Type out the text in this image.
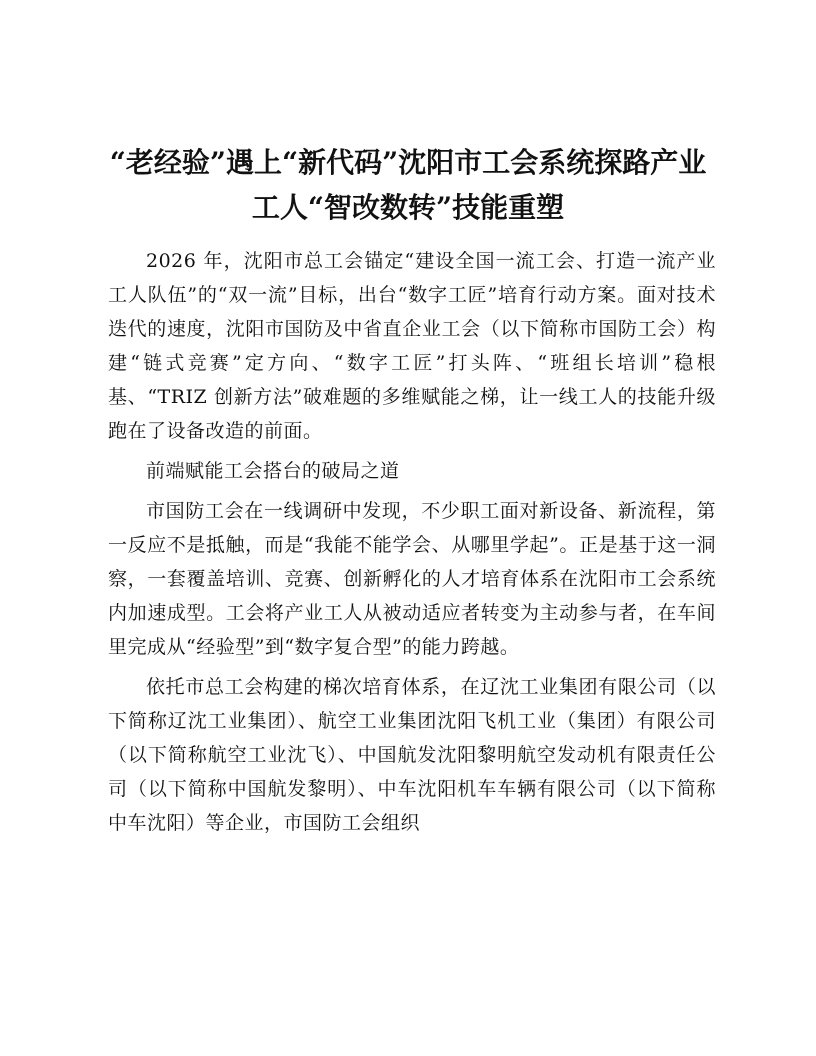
“老经验”遇上“新代码”沈阳市工会系统探路产业工人“智改数转”技能重塑

2026 年，沈阳市总工会锚定“建设全国一流工会、打造一流产业工人队伍”的“双一流”目标，出台“数字工匠”培育行动方案。面对技术迭代的速度，沈阳市国防及中省直企业工会（以下简称市国防工会）构建“链式竞赛”定方向、“数字工匠”打头阵、“班组长培训”稳根基、“TRIZ 创新方法”破难题的多维赋能之梯，让一线工人的技能升级跑在了设备改造的前面。

前端赋能工会搭台的破局之道

市国防工会在一线调研中发现，不少职工面对新设备、新流程，第一反应不是抵触，而是“我能不能学会、从哪里学起”。正是基于这一洞察，一套覆盖培训、竞赛、创新孵化的人才培育体系在沈阳市工会系统内加速成型。工会将产业工人从被动适应者转变为主动参与者，在车间里完成从“经验型”到“数字复合型”的能力跨越。

依托市总工会构建的梯次培育体系，在辽沈工业集团有限公司（以下简称辽沈工业集团）、航空工业集团沈阳飞机工业（集团）有限公司（以下简称航空工业沈飞）、中国航发沈阳黎明航空发动机有限责任公司（以下简称中国航发黎明）、中车沈阳机车车辆有限公司（以下简称中车沈阳）等企业，市国防工会组织
